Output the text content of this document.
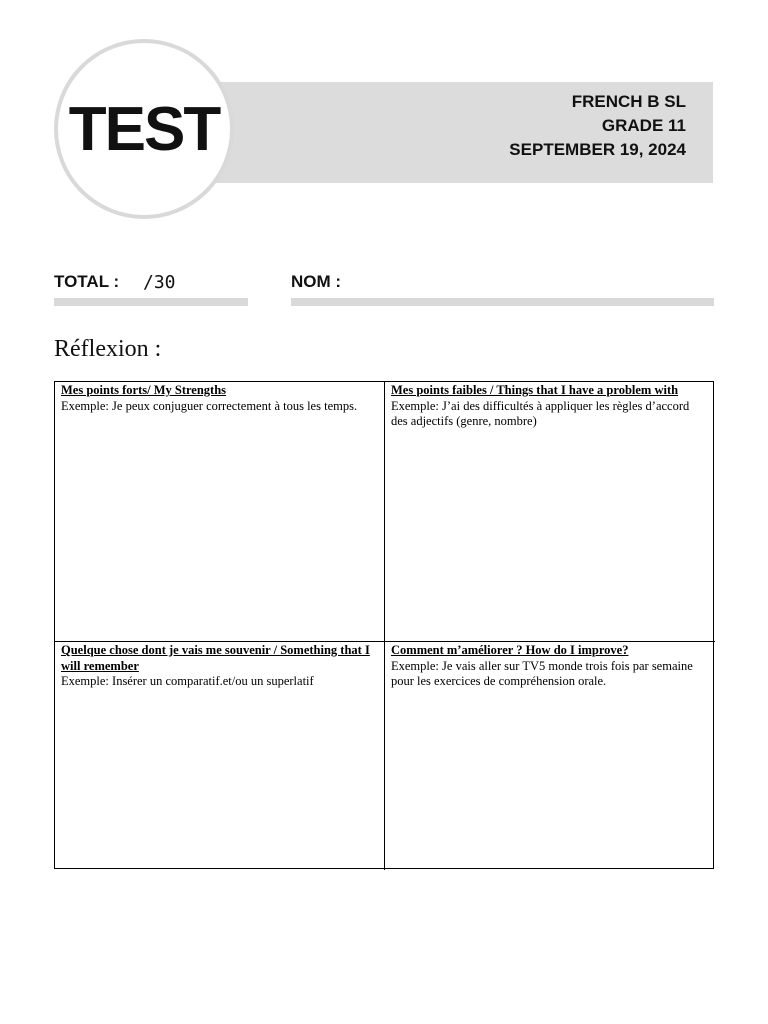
TEST	FRENCH B SL
GRADE 11
SEPTEMBER 19, 2024
TOTAL : /30	NOM :
Réflexion :
Mes points forts/ My Strengths
Exemple: Je peux conjuguer correctement à tous les temps.
Mes points faibles / Things that I have a problem with
Exemple: J’ai des difficultés à appliquer les règles d’accord des adjectifs (genre, nombre)
Quelque chose dont je vais me souvenir / Something that I will remember
Exemple: Insérer un comparatif.et/ou un superlatif
Comment m’améliorer ? How do I improve?
Exemple: Je vais aller sur TV5 monde trois fois par semaine pour les exercices de compréhension orale.
